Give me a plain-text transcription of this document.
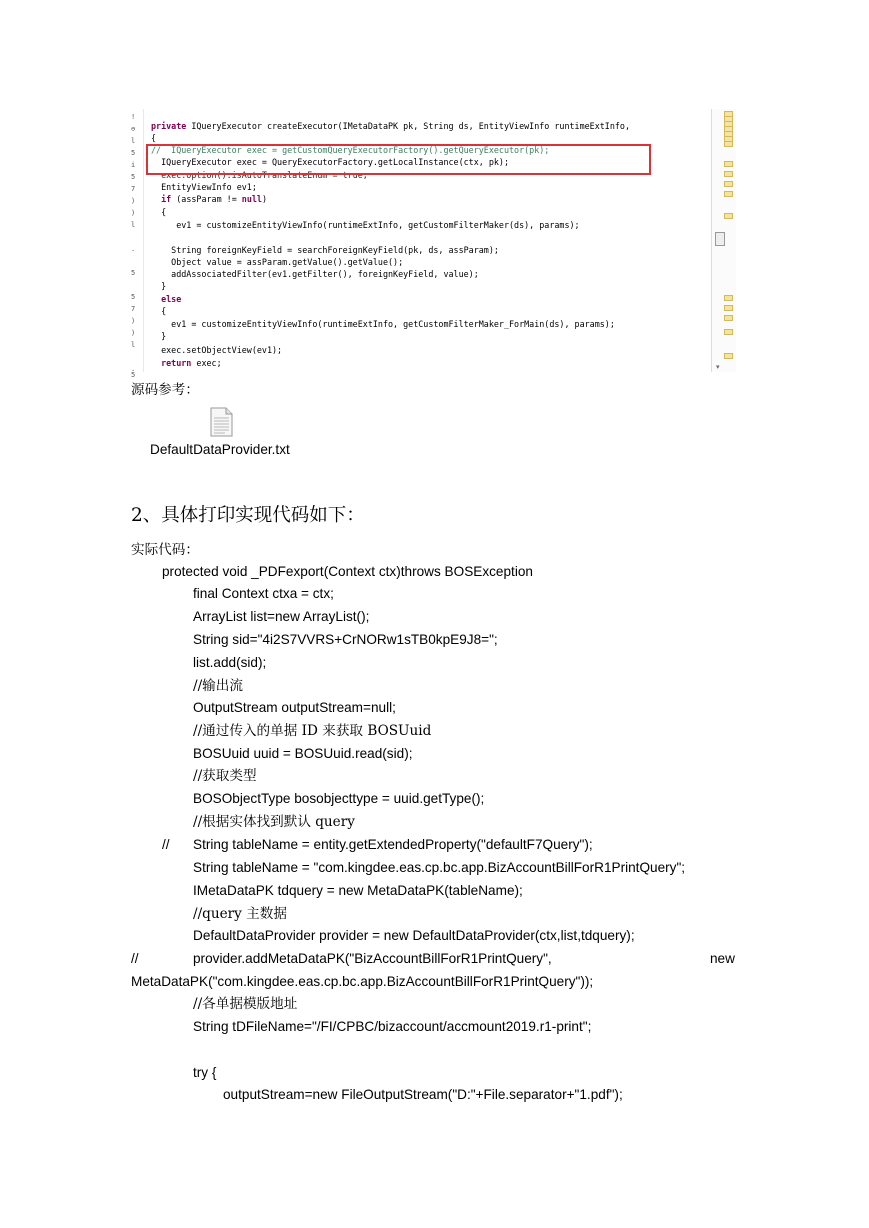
!
⊖
l
5
i
5
7
)
)
l
.
5
5
7
)
)
l
.
5
private IQueryExecutor createExecutor(IMetaDataPK pk, String ds, EntityViewInfo runtimeExtInfo,
{
//  IQueryExecutor exec = getCustomQueryExecutorFactory().getQueryExecutor(pk);
IQueryExecutor exec = QueryExecutorFactory.getLocalInstance(ctx, pk);
exec.option().isAutoTranslateEnum = true;
EntityViewInfo ev1;
if (assParam != null)
{
ev1 = customizeEntityViewInfo(runtimeExtInfo, getCustomFilterMaker(ds), params);
String foreignKeyField = searchForeignKeyField(pk, ds, assParam);
Object value = assParam.getValue().getValue();
addAssociatedFilter(ev1.getFilter(), foreignKeyField, value);
}
else
{
ev1 = customizeEntityViewInfo(runtimeExtInfo, getCustomFilterMaker_ForMain(ds), params);
}
exec.setObjectView(ev1);
return exec;	▾
源码参考：
DefaultDataProvider.txt
2、具体打印实现代码如下：
实际代码：
protected void _PDFexport(Context ctx)throws BOSException
final Context ctxa = ctx;
ArrayList list=new ArrayList();
String sid="4i2S7VVRS+CrNORw1sTB0kpE9J8=";
list.add(sid);
//输出流
OutputStream outputStream=null;
//通过传入的单据 ID 来获取 BOSUuid
BOSUuid uuid = BOSUuid.read(sid);
//获取类型
BOSObjectType bosobjecttype = uuid.getType();
//根据实体找到默认 query
// String tableName = entity.getExtendedProperty("defaultF7Query");
String tableName = "com.kingdee.eas.cp.bc.app.BizAccountBillForR1PrintQuery";
IMetaDataPK tdquery = new MetaDataPK(tableName);
//query 主数据
DefaultDataProvider provider = new DefaultDataProvider(ctx,list,tdquery);
//	provider.addMetaDataPK("BizAccountBillForR1PrintQuery",	new
MetaDataPK("com.kingdee.eas.cp.bc.app.BizAccountBillForR1PrintQuery"));
//各单据模版地址
String tDFileName="/FI/CPBC/bizaccount/accmount2019.r1-print";
try {
outputStream=new FileOutputStream("D:"+File.separator+"1.pdf");
